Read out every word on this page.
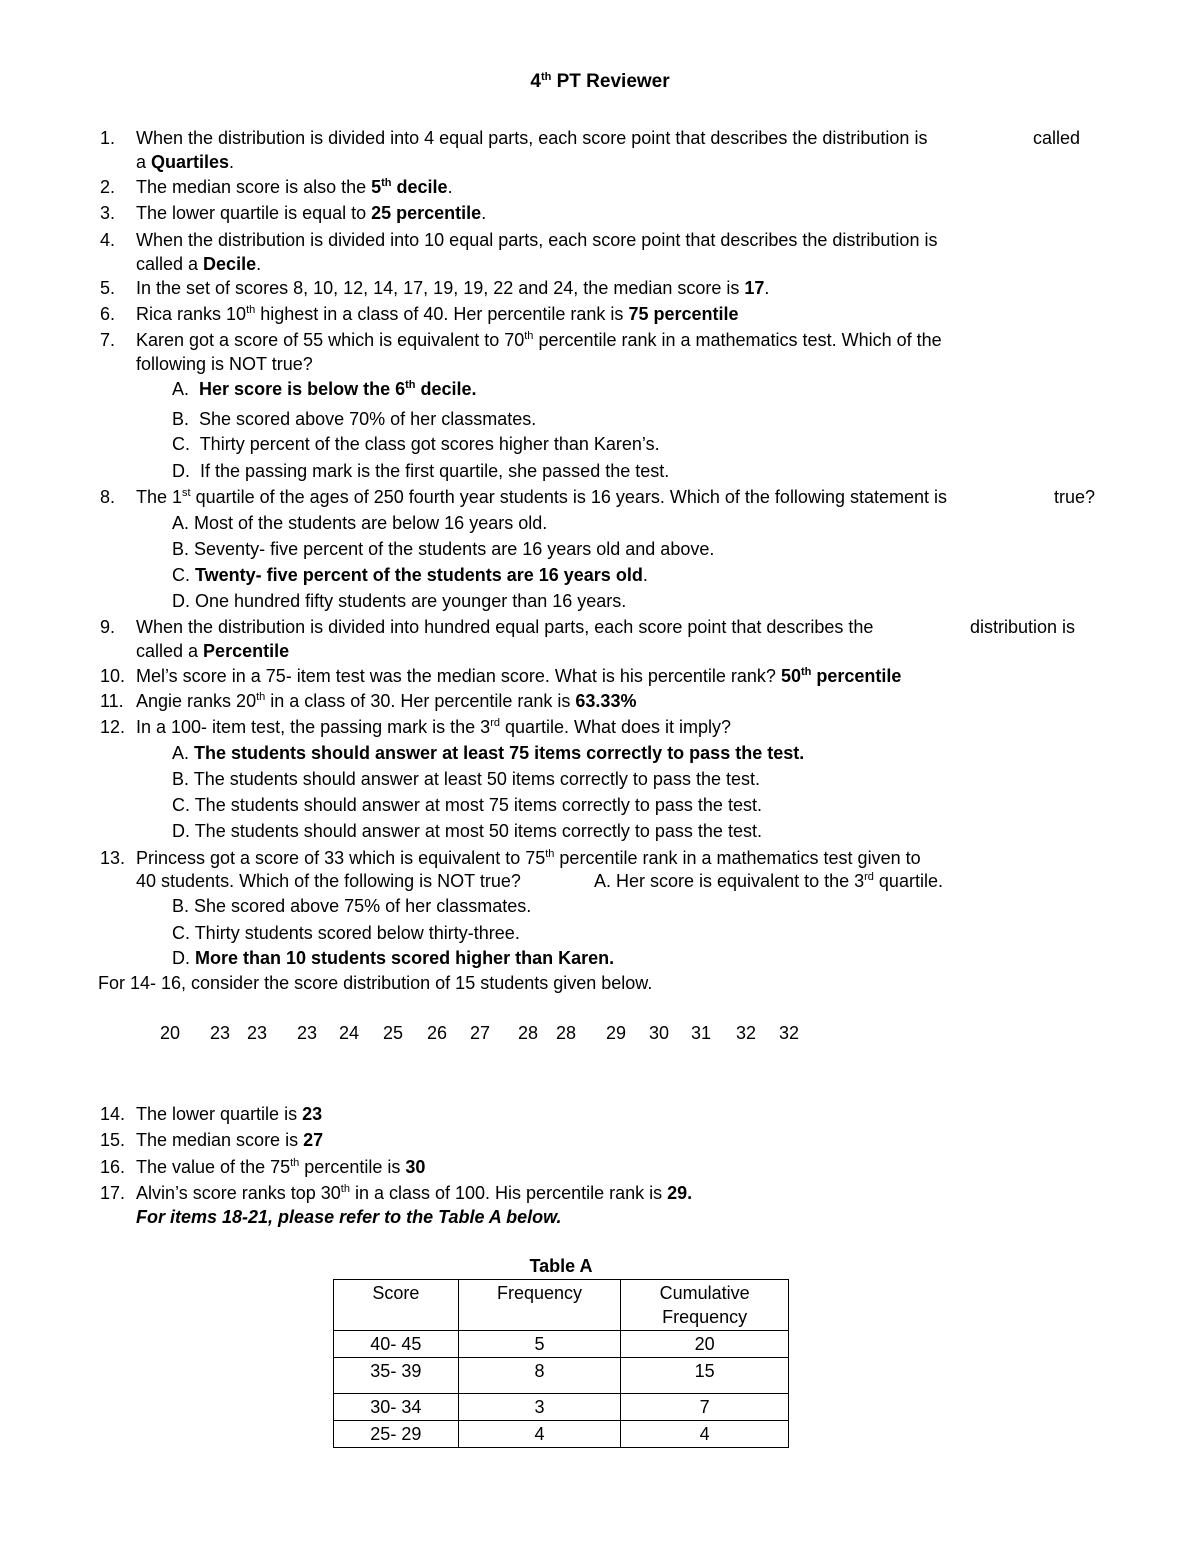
4th PT Reviewer
1. When the distribution is divided into 4 equal parts, each score point that describes the distribution is	called
a Quartiles.
2. The median score is also the 5th decile.
3. The lower quartile is equal to 25 percentile.
4. When the distribution is divided into 10 equal parts, each score point that describes the distribution is
called a Decile.
5. In the set of scores 8, 10, 12, 14, 17, 19, 19, 22 and 24, the median score is 17.
6. Rica ranks 10th highest in a class of 40. Her percentile rank is 75 percentile
7. Karen got a score of 55 which is equivalent to 70th percentile rank in a mathematics test. Which of the
following is NOT true?
A. Her score is below the 6th decile.
B. She scored above 70% of her classmates.
C. Thirty percent of the class got scores higher than Karen’s.
D. If the passing mark is the first quartile, she passed the test.
8. The 1st quartile of the ages of 250 fourth year students is 16 years. Which of the following statement is	true?
A. Most of the students are below 16 years old.
B. Seventy- five percent of the students are 16 years old and above.
C. Twenty- five percent of the students are 16 years old.
D. One hundred fifty students are younger than 16 years.
9. When the distribution is divided into hundred equal parts, each score point that describes the	distribution is
called a Percentile
10. Mel’s score in a 75- item test was the median score. What is his percentile rank? 50th percentile
11. Angie ranks 20th in a class of 30. Her percentile rank is 63.33%
12. In a 100- item test, the passing mark is the 3rd quartile. What does it imply?
A. The students should answer at least 75 items correctly to pass the test.
B. The students should answer at least 50 items correctly to pass the test.
C. The students should answer at most 75 items correctly to pass the test.
D. The students should answer at most 50 items correctly to pass the test.
13. Princess got a score of 33 which is equivalent to 75th percentile rank in a mathematics test given to
40 students. Which of the following is NOT true?	A. Her score is equivalent to the 3rd quartile.
B. She scored above 75% of her classmates.
C. Thirty students scored below thirty-three.
D. More than 10 students scored higher than Karen.
For 14- 16, consider the score distribution of 15 students given below.
20 23 23 23 24 25 26 27 28 28 29 30 31 32 32
14. The lower quartile is 23
15. The median score is 27
16. The value of the 75th percentile is 30
17. Alvin’s score ranks top 30th in a class of 100. His percentile rank is 29.
For items 18-21, please refer to the Table A below.
Table A
Score	Frequency	Cumulative Frequency
40- 45	5	20
35- 39	8	15
30- 34	3	7
25- 29	4	4
